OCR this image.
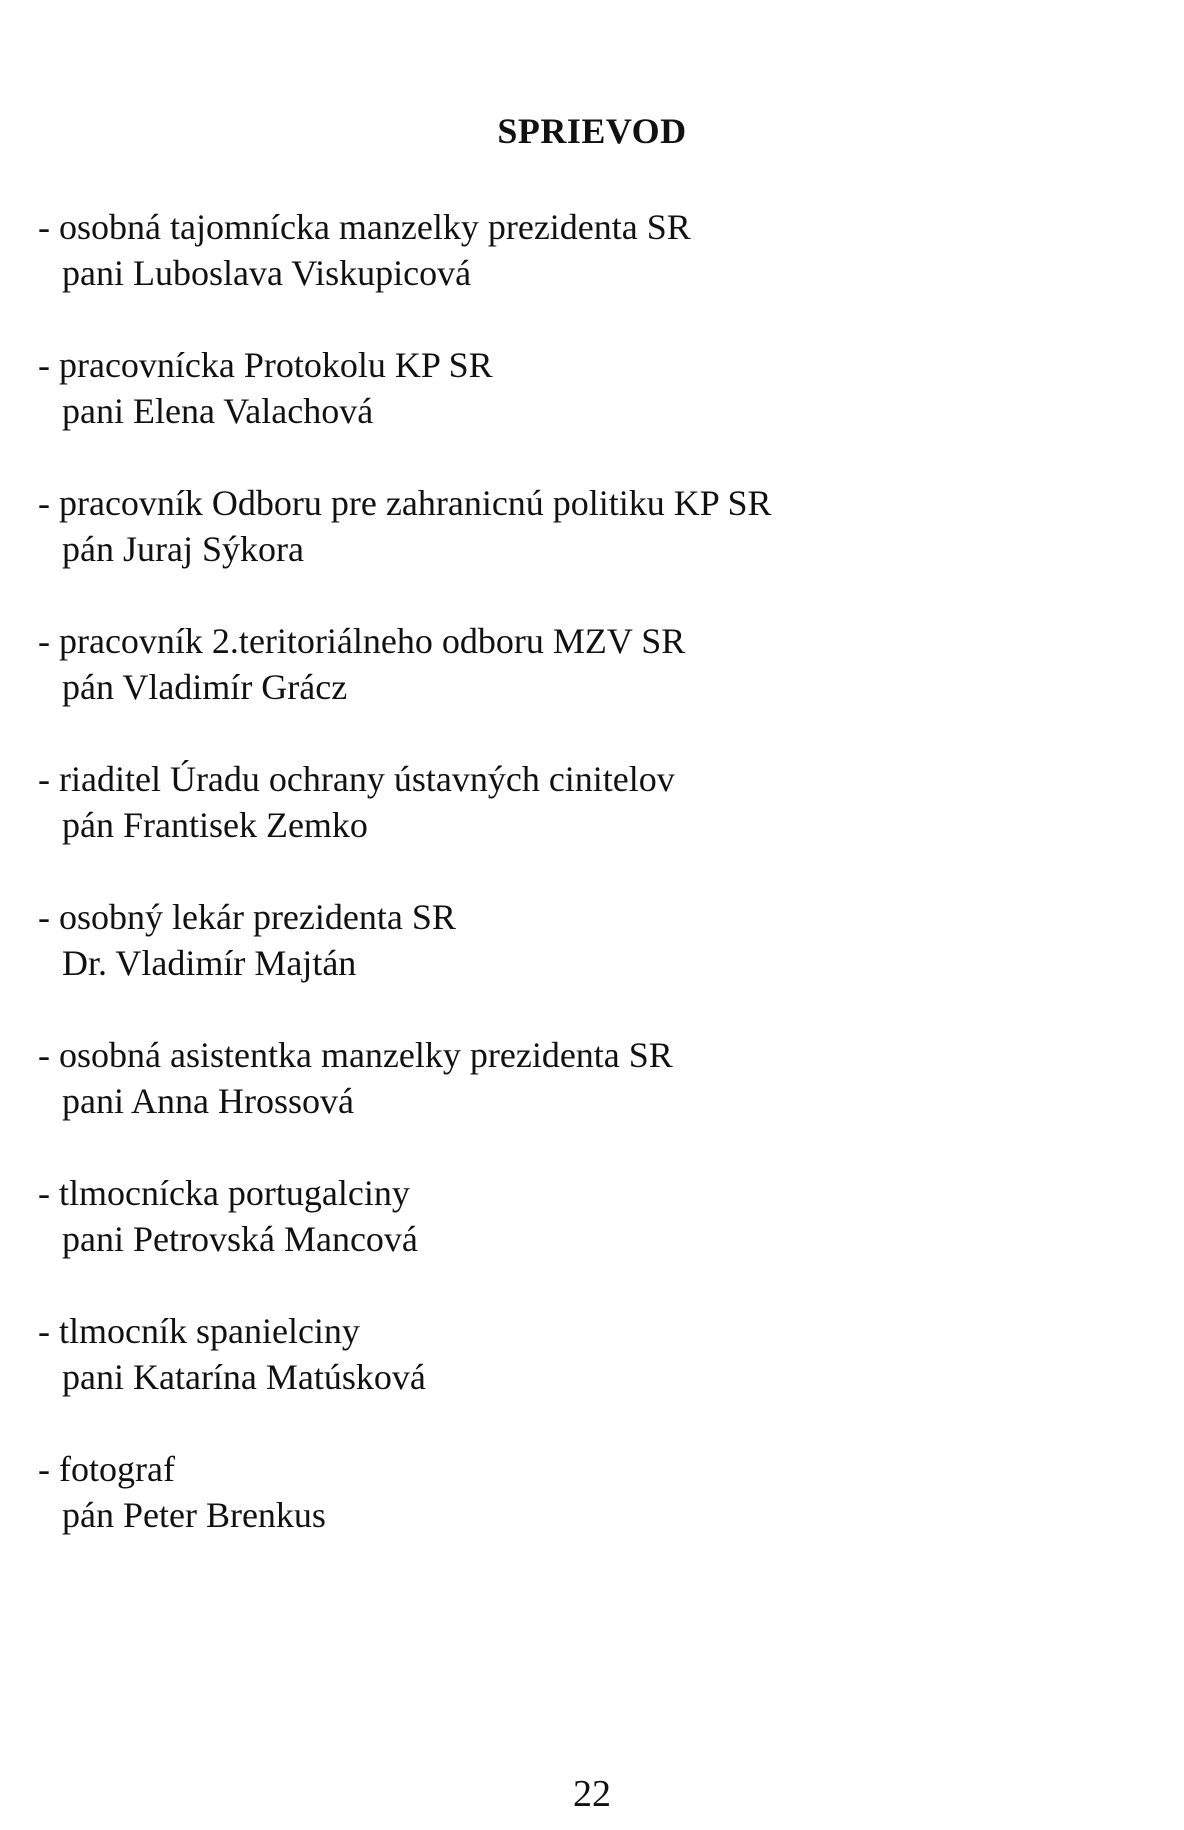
SPRIEVOD
- osobná tajomnícka manzelky prezidenta SR
pani Luboslava Viskupicová
- pracovnícka Protokolu KP SR
pani Elena Valachová
- pracovník Odboru pre zahranicnú politiku KP SR
pán Juraj Sýkora
- pracovník 2.teritoriálneho odboru MZV SR
pán Vladimír Grácz
- riaditel Úradu ochrany ústavných cinitelov
pán Frantisek Zemko
- osobný lekár prezidenta SR
Dr. Vladimír Majtán
- osobná asistentka manzelky prezidenta SR
pani Anna Hrossová
- tlmocnícka portugalciny
pani Petrovská Mancová
- tlmocník spanielciny
pani Katarína Matúsková
- fotograf
pán Peter Brenkus

22
